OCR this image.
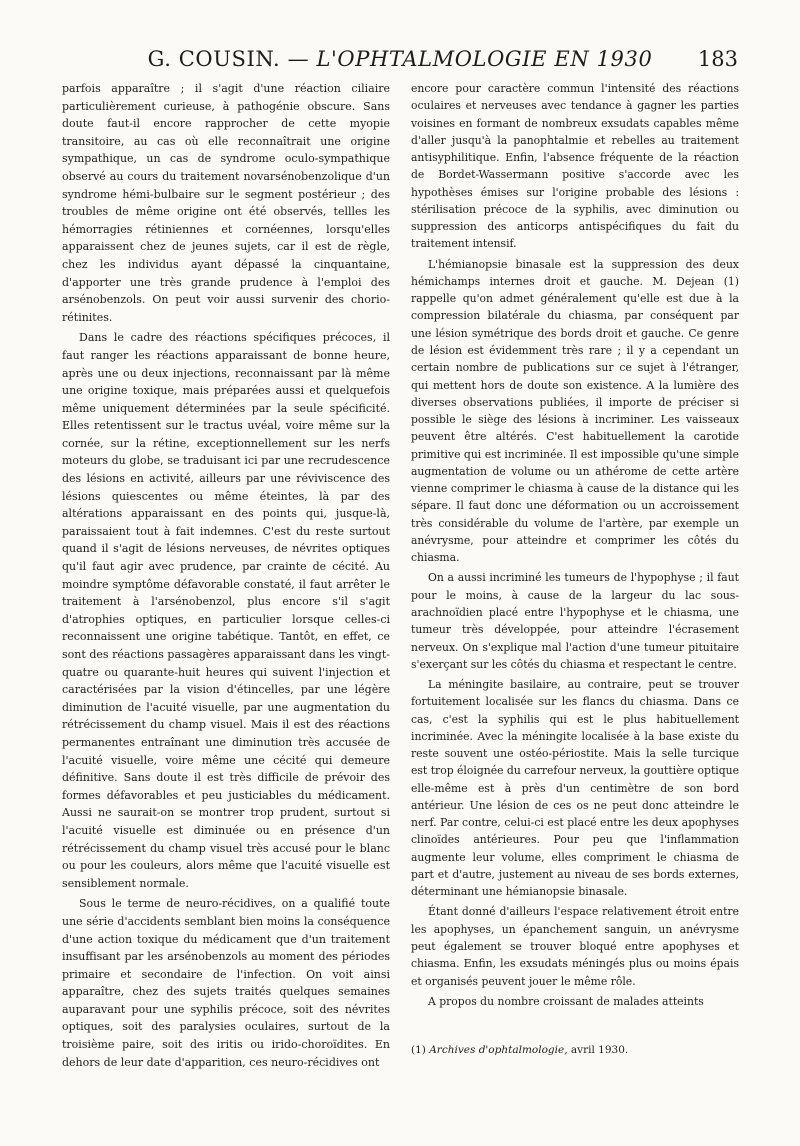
G. COUSIN. — L'OPHTALMOLOGIE EN 1930	183

parfois apparaître ; il s'agit d'une réaction ciliaire particulièrement curieuse, à pathogénie obscure. Sans doute faut-il encore rapprocher de cette myopie transitoire, au cas où elle reconnaîtrait une origine sympathique, un cas de syndrome oculo-sympathique observé au cours du traitement novarsénobenzolique d'un syndrome hémi-bulbaire sur le segment postérieur ; des troubles de même origine ont été observés, tellles les hémorragies rétiniennes et cornéennes, lorsqu'elles apparaissent chez de jeunes sujets, car il est de règle, chez les individus ayant dépassé la cinquantaine, d'apporter une très grande prudence à l'emploi des arsénobenzols. On peut voir aussi survenir des chorio-rétinites.

Dans le cadre des réactions spécifiques précoces, il faut ranger les réactions apparaissant de bonne heure, après une ou deux injections, reconnaissant par là même une origine toxique, mais préparées aussi et quelquefois même uniquement déterminées par la seule spécificité. Elles retentissent sur le tractus uvéal, voire même sur la cornée, sur la rétine, exceptionnellement sur les nerfs moteurs du globe, se traduisant ici par une recrudescence des lésions en activité, ailleurs par une réviviscence des lésions quiescentes ou même éteintes, là par des altérations apparaissant en des points qui, jusque-là, paraissaient tout à fait indemnes. C'est du reste surtout quand il s'agit de lésions nerveuses, de névrites optiques qu'il faut agir avec prudence, par crainte de cécité. Au moindre symptôme défavorable constaté, il faut arrêter le traitement à l'arsénobenzol, plus encore s'il s'agit d'atrophies optiques, en particulier lorsque celles-ci reconnaissent une origine tabétique. Tantôt, en effet, ce sont des réactions passagères apparaissant dans les vingt-quatre ou quarante-huit heures qui suivent l'injection et caractérisées par la vision d'étincelles, par une légère diminution de l'acuité visuelle, par une augmentation du rétrécissement du champ visuel. Mais il est des réactions permanentes entraînant une diminution très accusée de l'acuité visuelle, voire même une cécité qui demeure définitive. Sans doute il est très difficile de prévoir des formes défavorables et peu justiciables du médicament. Aussi ne saurait-on se montrer trop prudent, surtout si l'acuité visuelle est diminuée ou en présence d'un rétrécissement du champ visuel très accusé pour le blanc ou pour les couleurs, alors même que l'acuité visuelle est sensiblement normale.

Sous le terme de neuro-récidives, on a qualifié toute une série d'accidents semblant bien moins la conséquence d'une action toxique du médicament que d'un traitement insuffisant par les arsénobenzols au moment des périodes primaire et secondaire de l'infection. On voit ainsi apparaître, chez des sujets traités quelques semaines auparavant pour une syphilis précoce, soit des névrites optiques, soit des paralysies oculaires, surtout de la troisième paire, soit des iritis ou irido-choroïdites. En dehors de leur date d'apparition, ces neuro-récidives ont

encore pour caractère commun l'intensité des réactions oculaires et nerveuses avec tendance à gagner les parties voisines en formant de nombreux exsudats capables même d'aller jusqu'à la panophtalmie et rebelles au traitement antisyphilitique. Enfin, l'absence fréquente de la réaction de Bordet-Wassermann positive s'accorde avec les hypothèses émises sur l'origine probable des lésions : stérilisation précoce de la syphilis, avec diminution ou suppression des anticorps antispécifiques du fait du traitement intensif.

L'hémianopsie binasale est la suppression des deux hémichamps internes droit et gauche. M. Dejean (1) rappelle qu'on admet généralement qu'elle est due à la compression bilatérale du chiasma, par conséquent par une lésion symétrique des bords droit et gauche. Ce genre de lésion est évidemment très rare ; il y a cependant un certain nombre de publications sur ce sujet à l'étranger, qui mettent hors de doute son existence. A la lumière des diverses observations publiées, il importe de préciser si possible le siège des lésions à incriminer. Les vaisseaux peuvent être altérés. C'est habituellement la carotide primitive qui est incriminée. Il est impossible qu'une simple augmentation de volume ou un athérome de cette artère vienne comprimer le chiasma à cause de la distance qui les sépare. Il faut donc une déformation ou un accroissement très considérable du volume de l'artère, par exemple un anévrysme, pour atteindre et comprimer les côtés du chiasma.

On a aussi incriminé les tumeurs de l'hypophyse ; il faut pour le moins, à cause de la largeur du lac sous-arachnoïdien placé entre l'hypophyse et le chiasma, une tumeur très développée, pour atteindre l'écrasement nerveux. On s'explique mal l'action d'une tumeur pituitaire s'exerçant sur les côtés du chiasma et respectant le centre.

La méningite basilaire, au contraire, peut se trouver fortuitement localisée sur les flancs du chiasma. Dans ce cas, c'est la syphilis qui est le plus habituellement incriminée. Avec la méningite localisée à la base existe du reste souvent une ostéo-périostite. Mais la selle turcique est trop éloignée du carrefour nerveux, la gouttière optique elle-même est à près d'un centimètre de son bord antérieur. Une lésion de ces os ne peut donc atteindre le nerf. Par contre, celui-ci est placé entre les deux apophyses clinoïdes antérieures. Pour peu que l'inflammation augmente leur volume, elles compriment le chiasma de part et d'autre, justement au niveau de ses bords externes, déterminant une hémianopsie binasale.

Étant donné d'ailleurs l'espace relativement étroit entre les apophyses, un épanchement sanguin, un anévrysme peut également se trouver bloqué entre apophyses et chiasma. Enfin, les exsudats méningés plus ou moins épais et organisés peuvent jouer le même rôle.

A propos du nombre croissant de malades atteints

(1) Archives d'ophtalmologie, avril 1930.
